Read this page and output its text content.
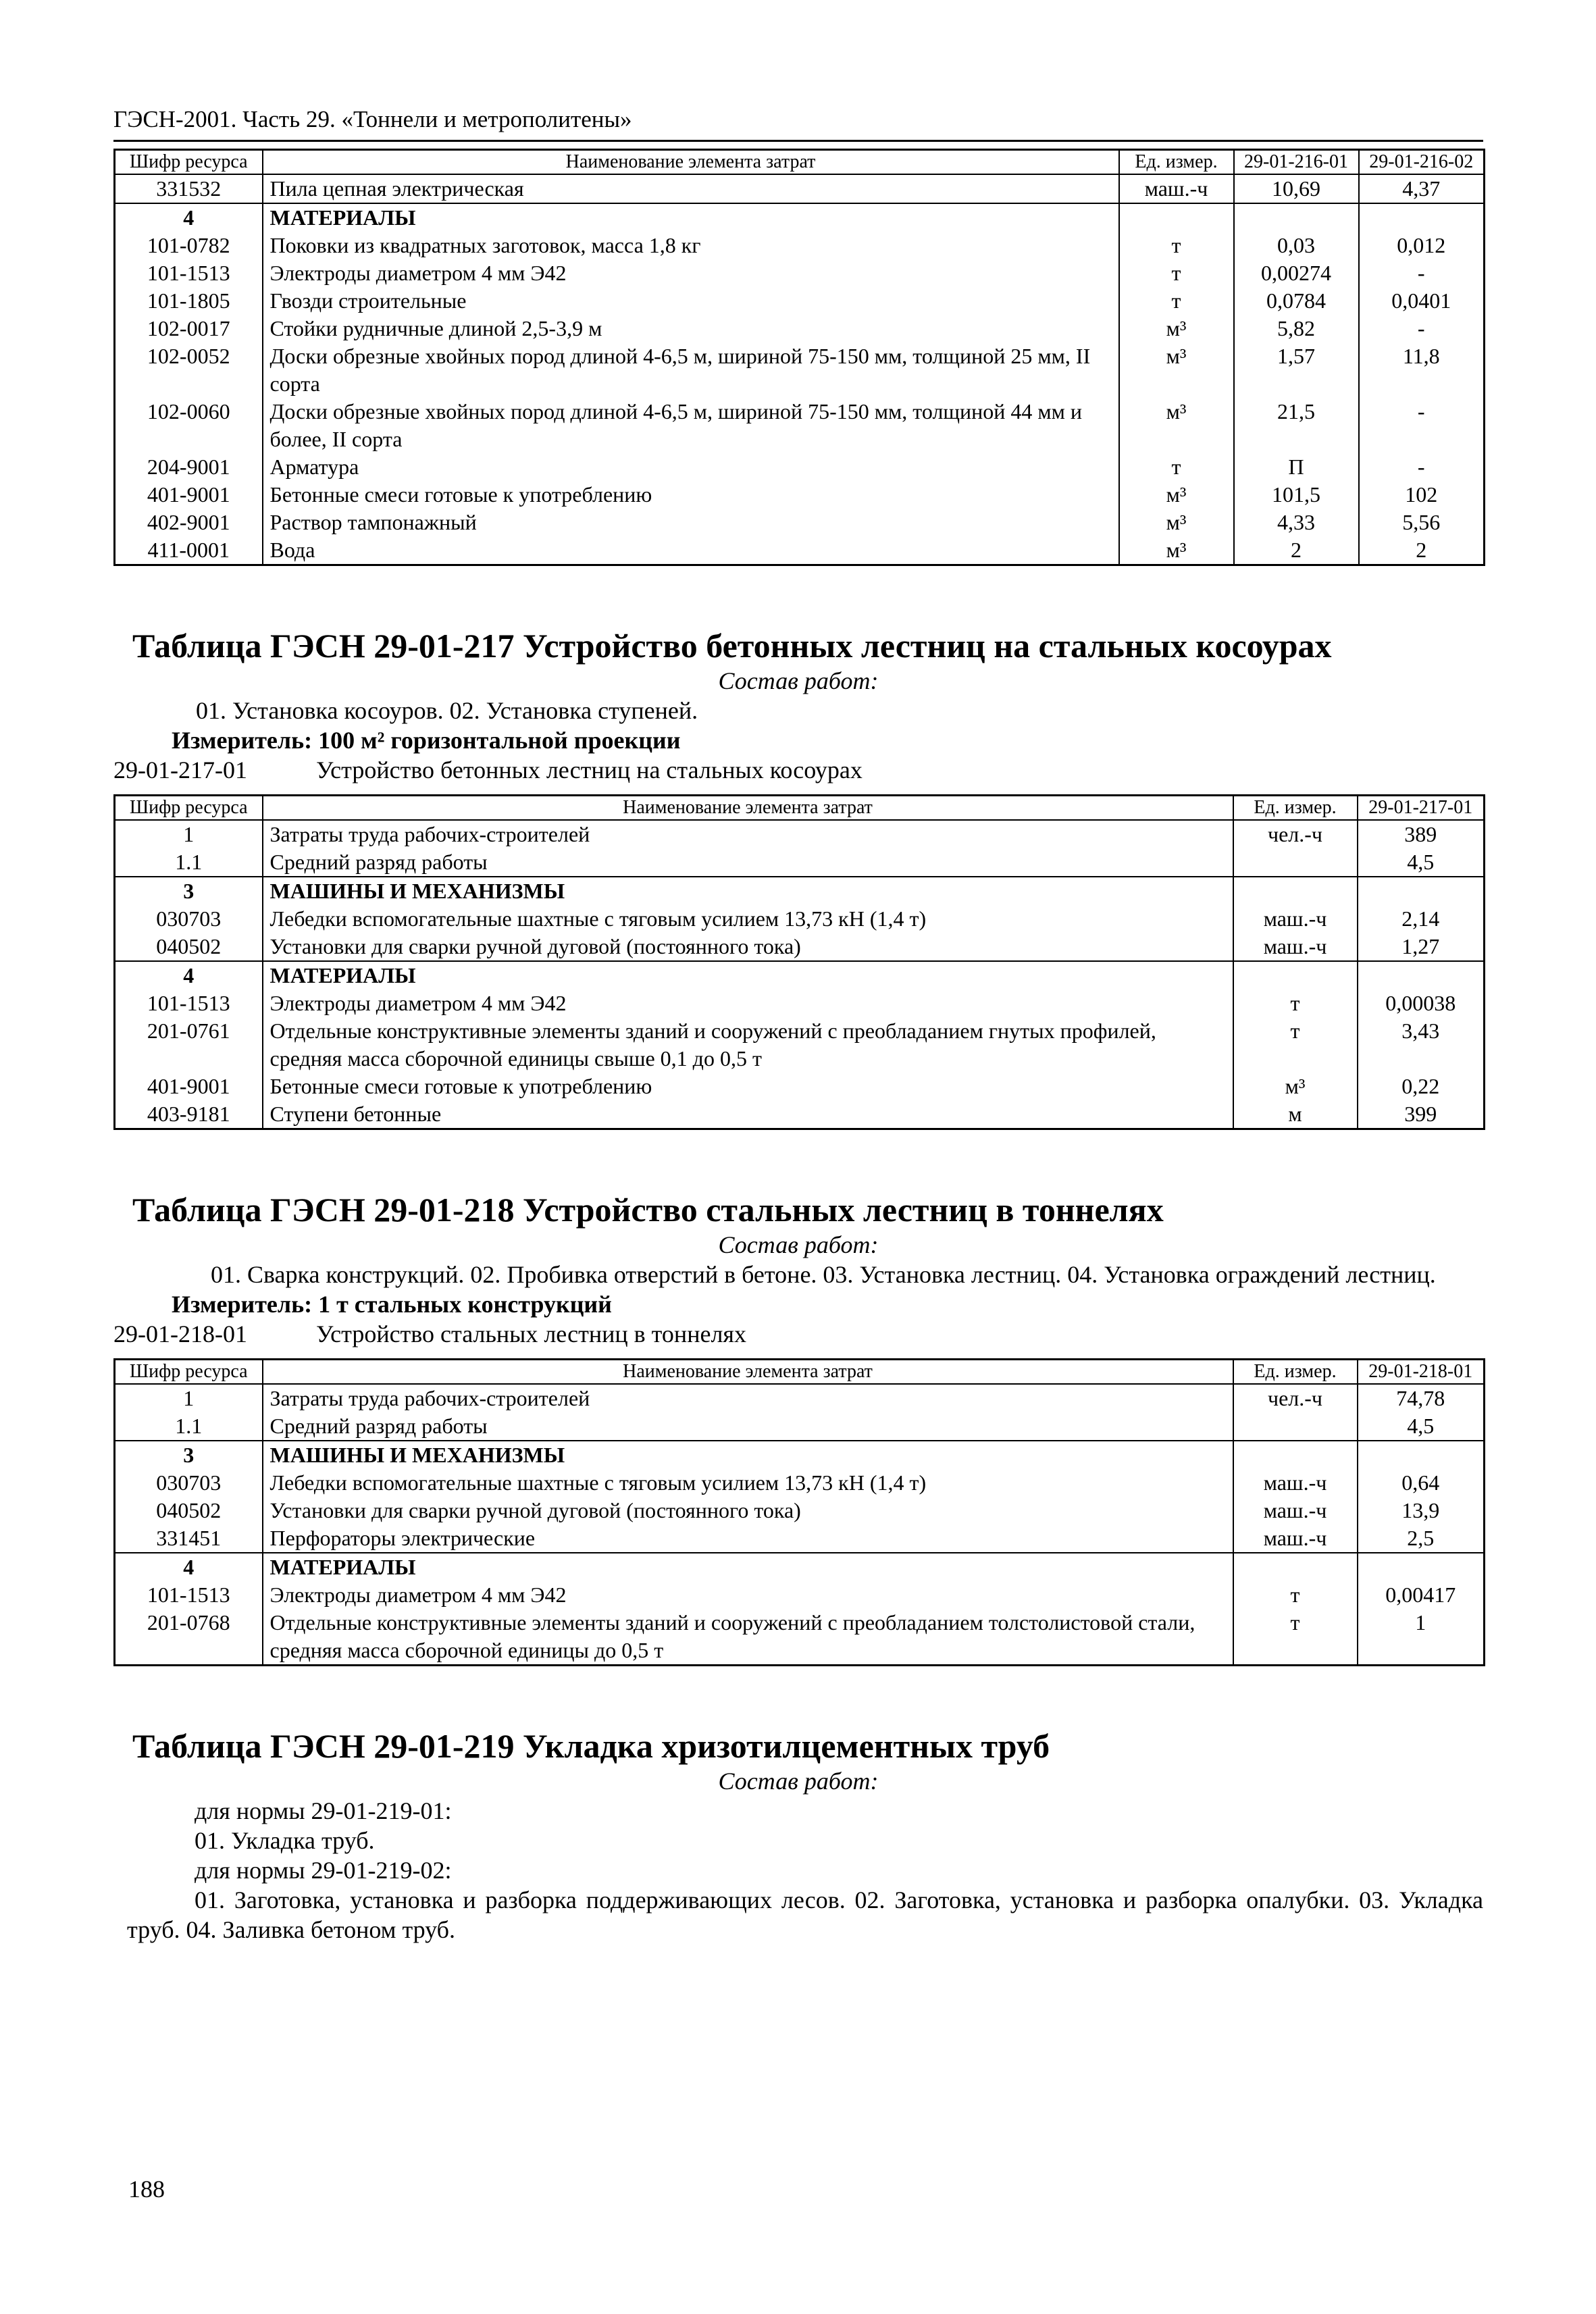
ГЭСН-2001. Часть 29. «Тоннели и метрополитены»
Шифр ресурса	Наименование элемента затрат	Ед. измер.	29-01-216-01	29-01-216-02
331532	Пила цепная электрическая	маш.-ч	10,69	4,37
4	МАТЕРИАЛЫ			
101-0782	Поковки из квадратных заготовок, масса 1,8 кг	т	0,03	0,012
101-1513	Электроды диаметром 4 мм Э42	т	0,00274	-
101-1805	Гвозди строительные	т	0,0784	0,0401
102-0017	Стойки рудничные длиной 2,5-3,9 м	м³	5,82	-
102-0052	Доски обрезные хвойных пород длиной 4-6,5 м, шириной 75-150 мм, толщиной 25 мм, II сорта	м³	1,57	11,8
102-0060	Доски обрезные хвойных пород длиной 4-6,5 м, шириной 75-150 мм, толщиной 44 мм и более, II сорта	м³	21,5	-
204-9001	Арматура	т	П	-
401-9001	Бетонные смеси готовые к употреблению	м³	101,5	102
402-9001	Раствор тампонажный	м³	4,33	5,56
411-0001	Вода	м³	2	2
Таблица ГЭСН 29-01-217 Устройство бетонных лестниц на стальных косоурах
Состав работ:
01. Установка косоуров. 02. Установка ступеней.
Измеритель: 100 м² горизонтальной проекции
29-01-217-01	Устройство бетонных лестниц на стальных косоурах
Шифр ресурса	Наименование элемента затрат	Ед. измер.	29-01-217-01
1	Затраты труда рабочих-строителей	чел.-ч	389
1.1	Средний разряд работы		4,5
3	МАШИНЫ И МЕХАНИЗМЫ		
030703	Лебедки вспомогательные шахтные с тяговым усилием 13,73 кН (1,4 т)	маш.-ч	2,14
040502	Установки для сварки ручной дуговой (постоянного тока)	маш.-ч	1,27
4	МАТЕРИАЛЫ		
101-1513	Электроды диаметром 4 мм Э42	т	0,00038
201-0761	Отдельные конструктивные элементы зданий и сооружений с преобладанием гнутых профилей, средняя масса сборочной единицы свыше 0,1 до 0,5 т	т	3,43
401-9001	Бетонные смеси готовые к употреблению	м³	0,22
403-9181	Ступени бетонные	м	399
Таблица ГЭСН 29-01-218 Устройство стальных лестниц в тоннелях
Состав работ:
01. Сварка конструкций. 02. Пробивка отверстий в бетоне. 03. Установка лестниц. 04. Установка ограждений лестниц.
Измеритель: 1 т стальных конструкций
29-01-218-01	Устройство стальных лестниц в тоннелях
Шифр ресурса	Наименование элемента затрат	Ед. измер.	29-01-218-01
1	Затраты труда рабочих-строителей	чел.-ч	74,78
1.1	Средний разряд работы		4,5
3	МАШИНЫ И МЕХАНИЗМЫ		
030703	Лебедки вспомогательные шахтные с тяговым усилием 13,73 кН (1,4 т)	маш.-ч	0,64
040502	Установки для сварки ручной дуговой (постоянного тока)	маш.-ч	13,9
331451	Перфораторы электрические	маш.-ч	2,5
4	МАТЕРИАЛЫ		
101-1513	Электроды диаметром 4 мм Э42	т	0,00417
201-0768	Отдельные конструктивные элементы зданий и сооружений с преобладанием толстолистовой стали, средняя масса сборочной единицы до 0,5 т	т	1
Таблица ГЭСН 29-01-219 Укладка хризотилцементных труб
Состав работ:
для нормы 29-01-219-01:
01. Укладка труб.
для нормы 29-01-219-02:
01. Заготовка, установка и разборка поддерживающих лесов. 02. Заготовка, установка и разборка опалубки. 03. Укладка труб. 04. Заливка бетоном труб.
188
